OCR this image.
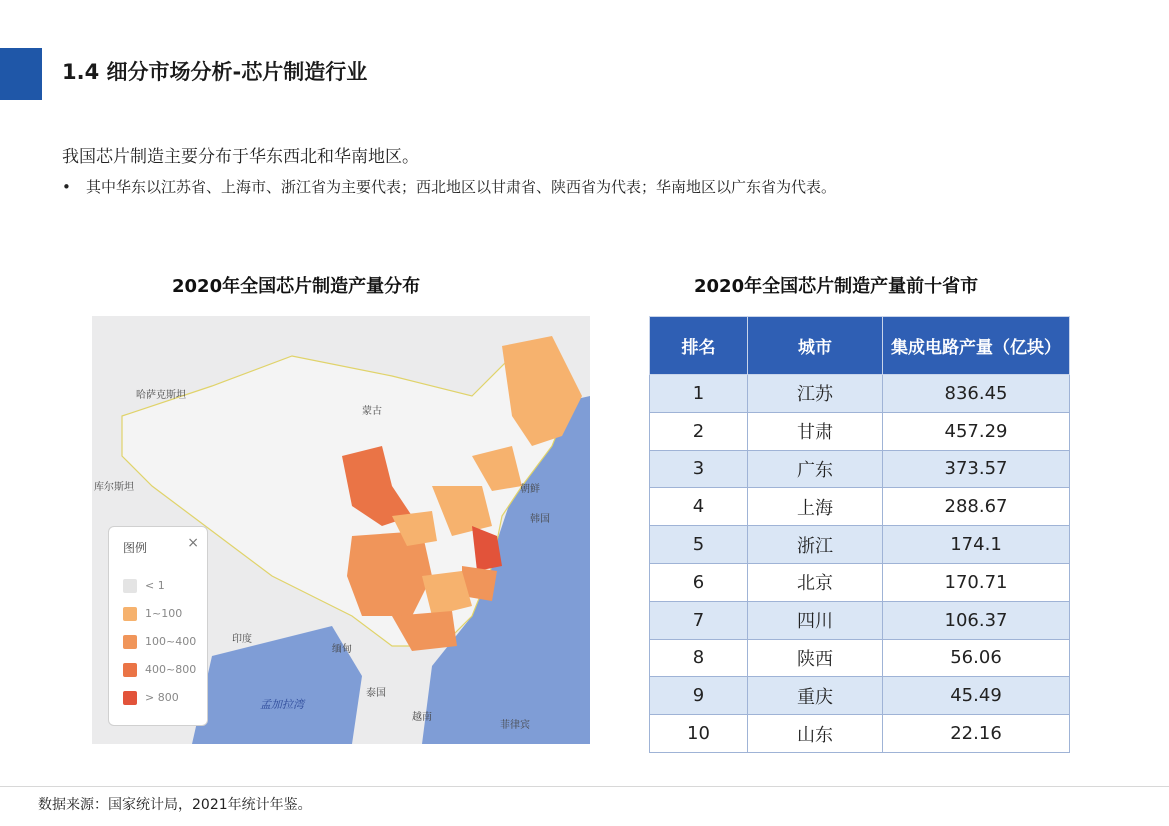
1.4 细分市场分析-芯片制造行业
我国芯片制造主要分布于华东西北和华南地区。
• 其中华东以江苏省、上海市、浙江省为主要代表；西北地区以甘肃省、陕西省为代表；华南地区以广东省为代表。
2020年全国芯片制造产量分布	2020年全国芯片制造产量前十省市
哈萨克斯坦
蒙古
库尔斯坦	朝鲜
韩国
印度
缅甸
泰国
越南
菲律宾
孟加拉湾
图例	×
< 1
1~100
100~400
400~800
> 800
排名	城市	集成电路产量（亿块）
1	江苏	836.45
2	甘肃	457.29
3	广东	373.57
4	上海	288.67
5	浙江	174.1
6	北京	170.71
7	四川	106.37
8	陕西	56.06
9	重庆	45.49
10	山东	22.16
数据来源：国家统计局，2021年统计年鉴。
